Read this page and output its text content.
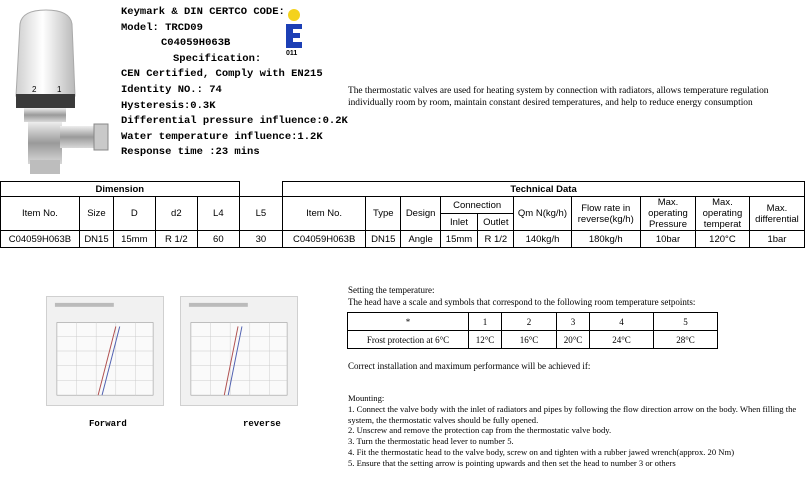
2	1
Keymark & DIN CERTCO CODE:
Model: TRCD09
C04059H063B
Specification:
CEN Certified, Comply with EN215
Identity NO.: 74
Hysteresis:0.3K
Differential pressure influence:0.2K
Water temperature influence:1.2K
Response time :23 mins
011
The thermostatic valves are used for heating system by connection with radiators, allows temperature regulation individually room by room, maintain constant desired temperatures, and help to reduce energy consumption
Dimension						Technical Data									
Item No.	Size	D	d2	L4	L5	Item No.	Type	Design	Connection		Qm N(kg/h)	Flow rate in reverse(kg/h)	Max. operating Pressure	Max. operating temperat	Max. differential
									Inlet	Outlet					
C04059H063B	DN15	15mm	R 1/2	60	30	C04059H063B	DN15	Angle	15mm	R 1/2	140kg/h	180kg/h	10bar	120°C	1bar
Forward	reverse
Setting the temperature:
The head have a scale and symbols that correspond to the following room temperature setpoints:
*	1	2	3	4	5
Frost protection at 6°C	12°C	16°C	20°C	24°C	28°C
Correct installation and maximum performance will be achieved if:
Mounting:
1. Connect the valve body with the inlet of radiators and pipes by following the flow direction arrow on the body. When filling the system, the thermostatic valves should be fully opened.
2. Unscrew and remove the protection cap from the thermostatic valve body.
3. Turn the thermostatic head lever to number 5.
4. Fit the thermostatic head to the valve body, screw on and tighten with a rubber jawed wrench(approx. 20 Nm)
5. Ensure that the setting arrow is pointing upwards and then set the head to number 3 or others
